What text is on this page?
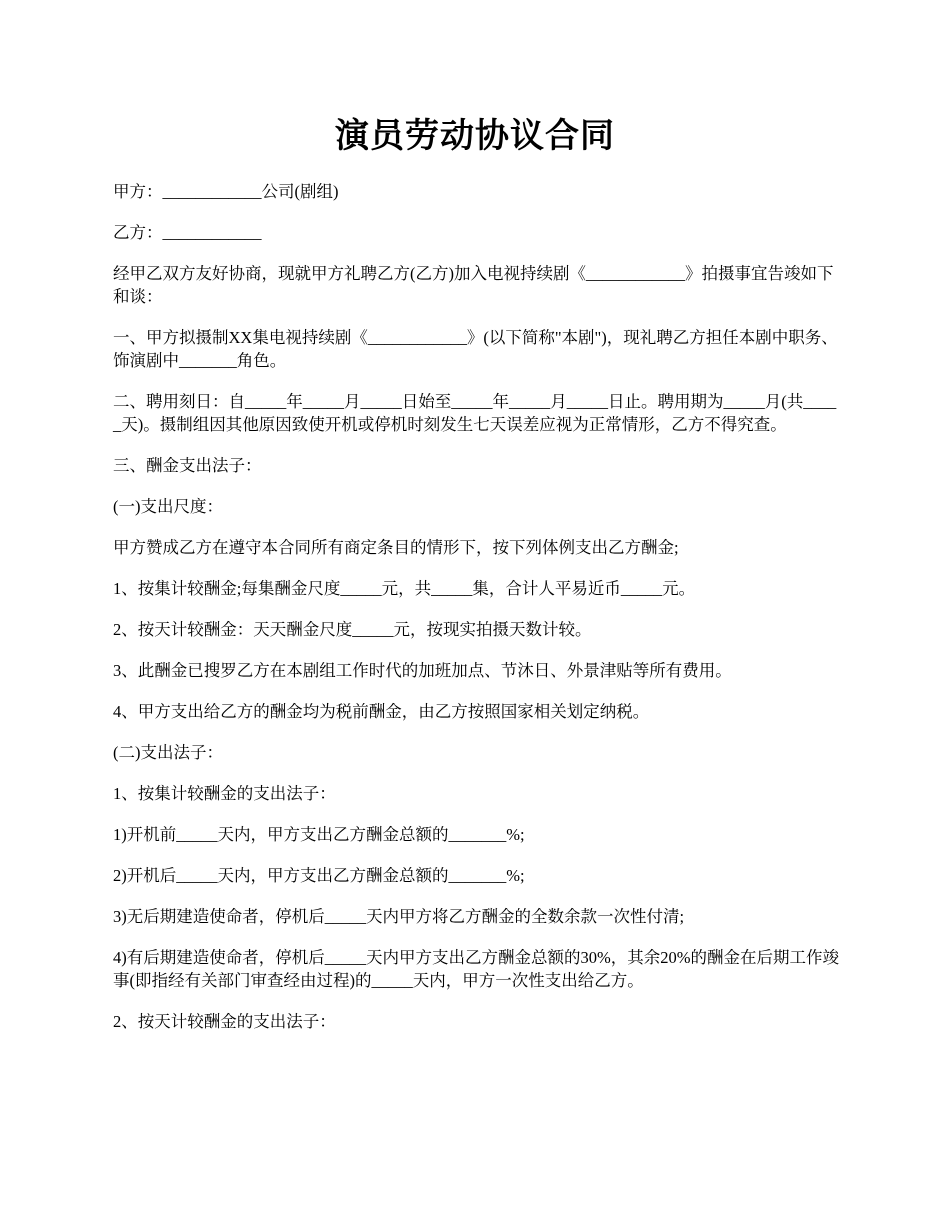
演员劳动协议合同

甲方：____________公司(剧组)

乙方：____________

经甲乙双方友好协商，现就甲方礼聘乙方(乙方)加入电视持续剧《____________》拍摄事宜告竣如下和谈：

一、甲方拟摄制XX集电视持续剧《____________》(以下简称"本剧")，现礼聘乙方担任本剧中职务、饰演剧中_______角色。

二、聘用刻日：自_____年_____月_____日始至_____年_____月_____日止。聘用期为_____月(共_____天)。摄制组因其他原因致使开机或停机时刻发生七天误差应视为正常情形，乙方不得究查。

三、酬金支出法子：

(一)支出尺度：

甲方赞成乙方在遵守本合同所有商定条目的情形下，按下列体例支出乙方酬金;

1、按集计较酬金;每集酬金尺度_____元，共_____集，合计人平易近币_____元。

2、按天计较酬金：天天酬金尺度_____元，按现实拍摄天数计较。

3、此酬金已搜罗乙方在本剧组工作时代的加班加点、节沐日、外景津贴等所有费用。

4、甲方支出给乙方的酬金均为税前酬金，由乙方按照国家相关划定纳税。

(二)支出法子：

1、按集计较酬金的支出法子：

1)开机前_____天内，甲方支出乙方酬金总额的_______%;

2)开机后_____天内，甲方支出乙方酬金总额的_______%;

3)无后期建造使命者，停机后_____天内甲方将乙方酬金的全数余款一次性付清;

4)有后期建造使命者，停机后_____天内甲方支出乙方酬金总额的30%，其余20%的酬金在后期工作竣事(即指经有关部门审查经由过程)的_____天内，甲方一次性支出给乙方。

2、按天计较酬金的支出法子：
